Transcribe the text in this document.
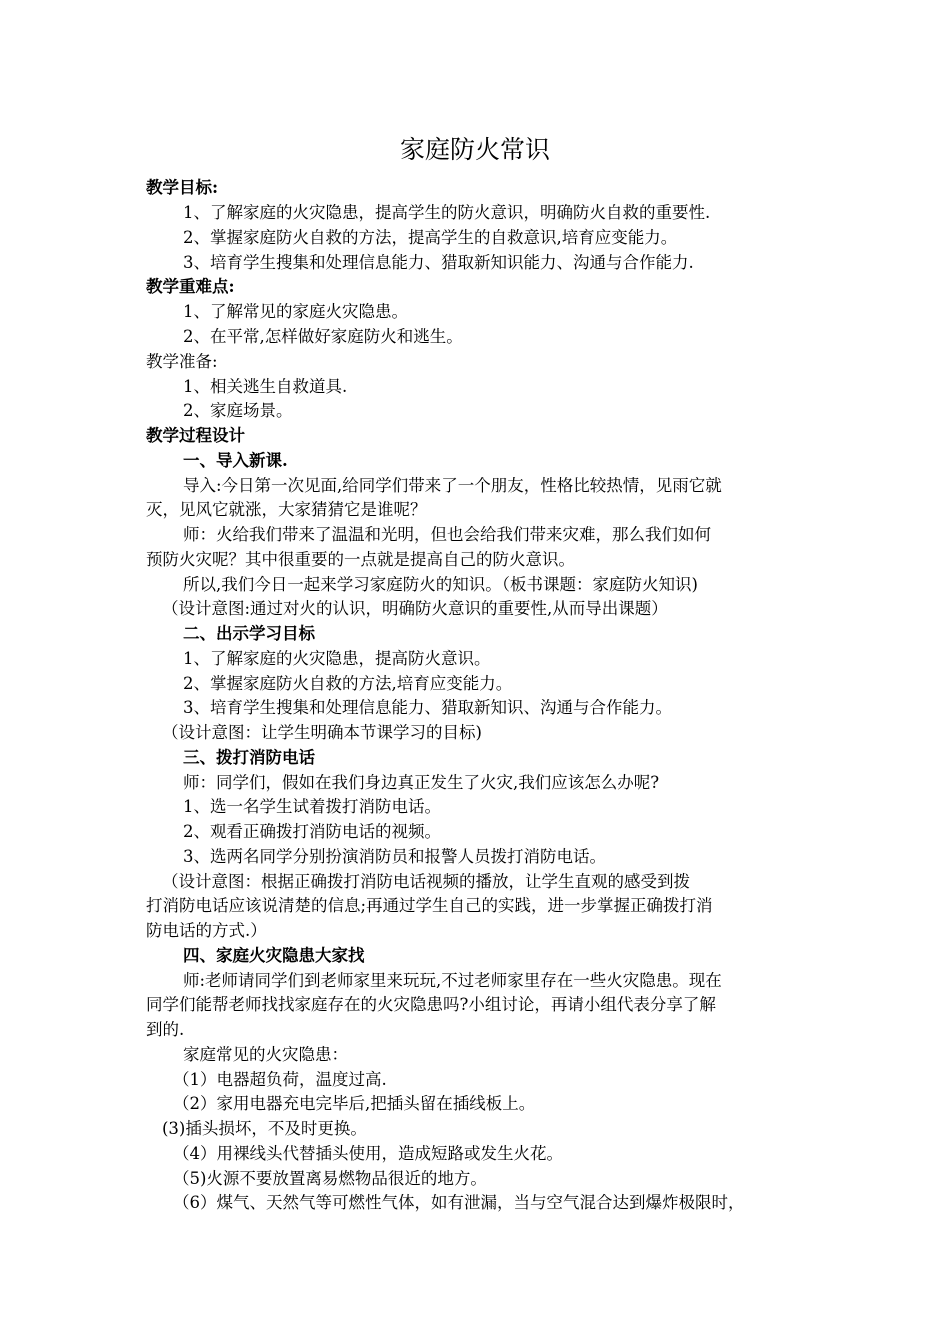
家庭防火常识
教学目标:
1、了解家庭的火灾隐患，提高学生的防火意识，明确防火自救的重要性.
2、掌握家庭防火自救的方法，提高学生的自救意识,培育应变能力。
3、培育学生搜集和处理信息能力、猎取新知识能力、沟通与合作能力.
教学重难点:
1、了解常见的家庭火灾隐患。
2、在平常,怎样做好家庭防火和逃生。
教学准备:
1、相关逃生自救道具.
2、家庭场景。
教学过程设计
一、导入新课.
导入:今日第一次见面,给同学们带来了一个朋友，性格比较热情，见雨它就
灭，见风它就涨，大家猜猜它是谁呢？
师：火给我们带来了温温和光明，但也会给我们带来灾难，那么我们如何
预防火灾呢？其中很重要的一点就是提高自己的防火意识。
所以,我们今日一起来学习家庭防火的知识。（板书课题：家庭防火知识)
（设计意图:通过对火的认识，明确防火意识的重要性,从而导出课题）
二、出示学习目标
1、了解家庭的火灾隐患，提高防火意识。
2、掌握家庭防火自救的方法,培育应变能力。
3、培育学生搜集和处理信息能力、猎取新知识、沟通与合作能力。
（设计意图：让学生明确本节课学习的目标)
三、拨打消防电话
师：同学们，假如在我们身边真正发生了火灾,我们应该怎么办呢?
1、选一名学生试着拨打消防电话。
2、观看正确拨打消防电话的视频。
3、选两名同学分别扮演消防员和报警人员拨打消防电话。
（设计意图：根据正确拨打消防电话视频的播放，让学生直观的感受到拨
打消防电话应该说清楚的信息;再通过学生自己的实践，进一步掌握正确拨打消
防电话的方式.）
四、家庭火灾隐患大家找
师:老师请同学们到老师家里来玩玩,不过老师家里存在一些火灾隐患。现在
同学们能帮老师找找家庭存在的火灾隐患吗?小组讨论，再请小组代表分享了解
到的.
家庭常见的火灾隐患：
（1）电器超负荷，温度过高.
（2）家用电器充电完毕后,把插头留在插线板上。
(3)插头损坏，不及时更换。
（4）用裸线头代替插头使用，造成短路或发生火花。
（5)火源不要放置离易燃物品很近的地方。
（6）煤气、天然气等可燃性气体，如有泄漏，当与空气混合达到爆炸极限时，
